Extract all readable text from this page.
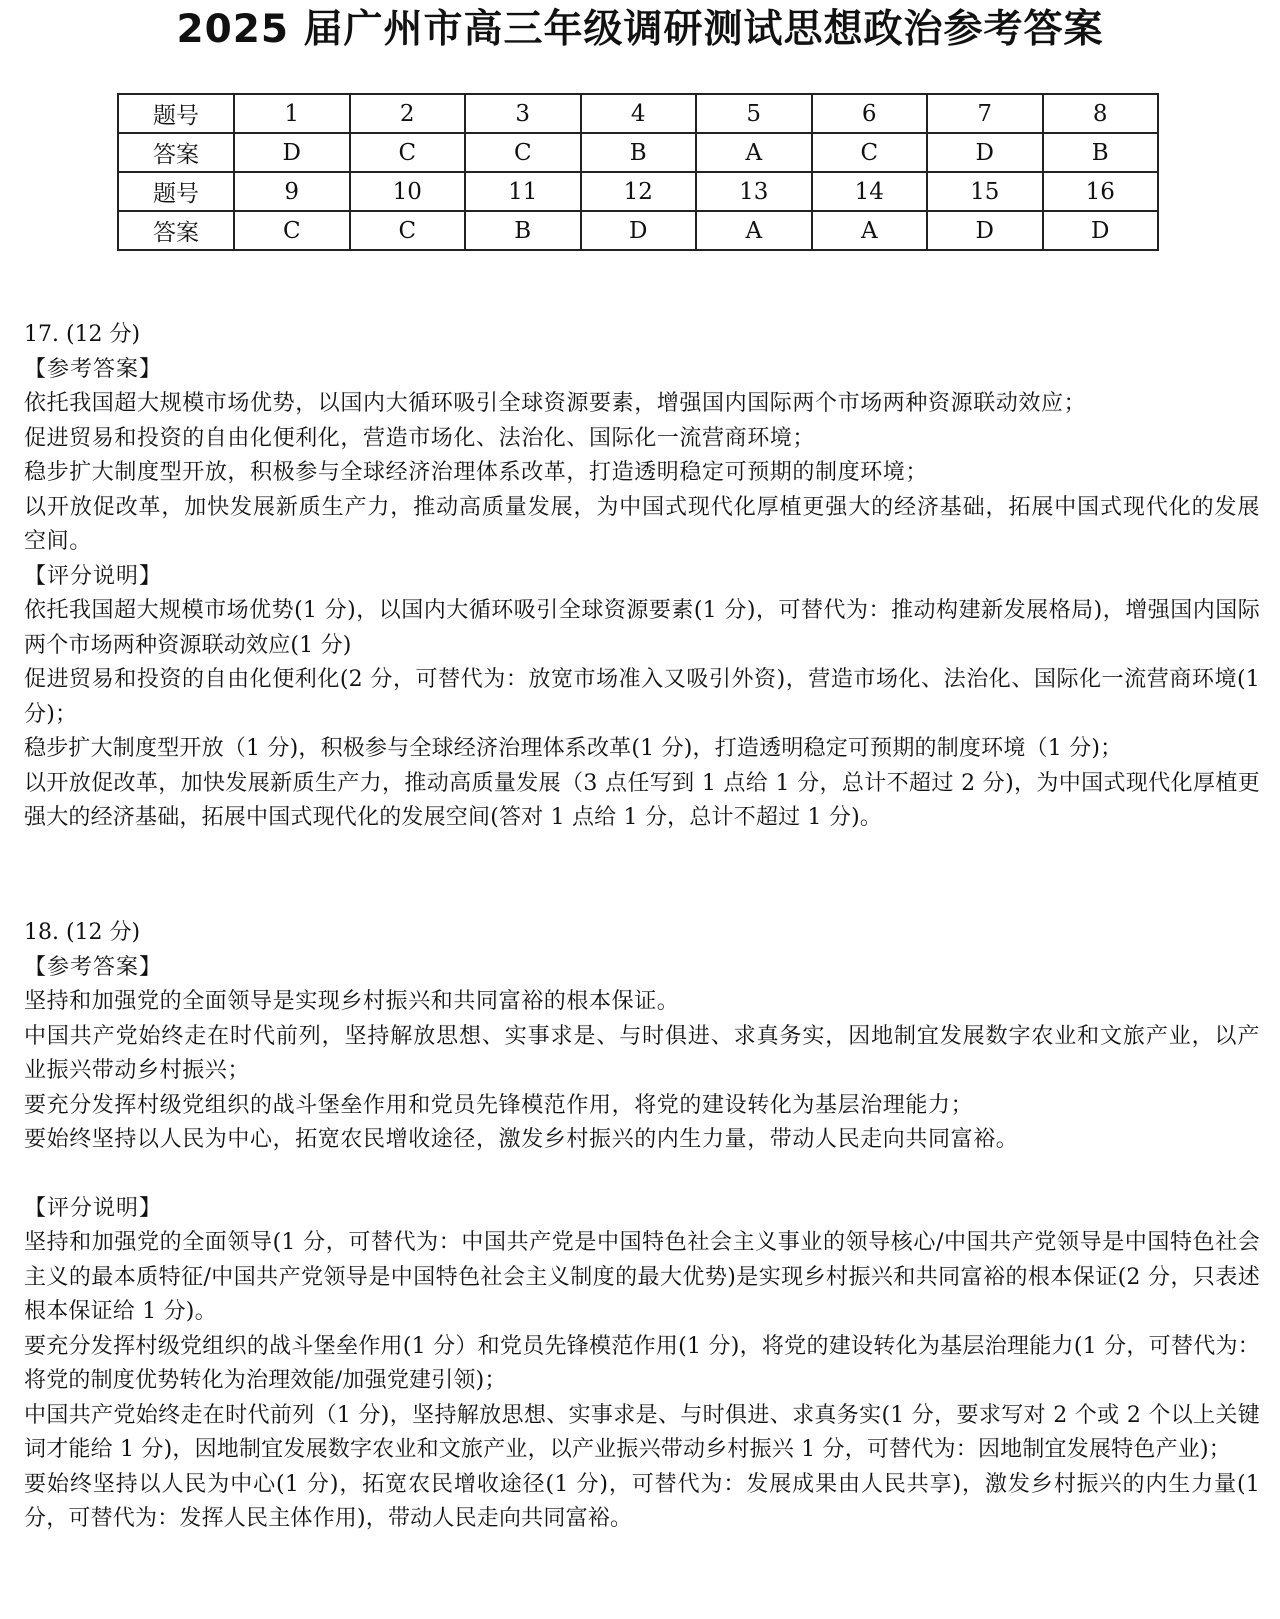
2025 届广州市高三年级调研测试思想政治参考答案
题号	1	2	3	4	5	6	7	8
答案	D	C	C	B	A	C	D	B
题号	9	10	11	12	13	14	15	16
答案	C	C	B	D	A	A	D	D

17. (12 分)

【参考答案】

依托我国超大规模市场优势，以国内大循环吸引全球资源要素，增强国内国际两个市场两种资源联动效应；

促进贸易和投资的自由化便利化，营造市场化、法治化、国际化一流营商环境；

稳步扩大制度型开放，积极参与全球经济治理体系改革，打造透明稳定可预期的制度环境；

以开放促改革，加快发展新质生产力，推动高质量发展，为中国式现代化厚植更强大的经济基础，拓展中国式现代化的发展空间。

【评分说明】

依托我国超大规模市场优势(1 分)，以国内大循环吸引全球资源要素(1 分)，可替代为：推动构建新发展格局)，增强国内国际两个市场两种资源联动效应(1 分)

促进贸易和投资的自由化便利化(2 分，可替代为：放宽市场准入又吸引外资)，营造市场化、法治化、国际化一流营商环境(1 分)；

稳步扩大制度型开放（1 分)，积极参与全球经济治理体系改革(1 分)，打造透明稳定可预期的制度环境（1 分)；

以开放促改革，加快发展新质生产力，推动高质量发展（3 点任写到 1 点给 1 分，总计不超过 2 分)，为中国式现代化厚植更强大的经济基础，拓展中国式现代化的发展空间(答对 1 点给 1 分，总计不超过 1 分)。

18. (12 分)

【参考答案】

坚持和加强党的全面领导是实现乡村振兴和共同富裕的根本保证。

中国共产党始终走在时代前列，坚持解放思想、实事求是、与时俱进、求真务实，因地制宜发展数字农业和文旅产业，以产业振兴带动乡村振兴；

要充分发挥村级党组织的战斗堡垒作用和党员先锋模范作用，将党的建设转化为基层治理能力；

要始终坚持以人民为中心，拓宽农民增收途径，激发乡村振兴的内生力量，带动人民走向共同富裕。

【评分说明】

坚持和加强党的全面领导(1 分，可替代为：中国共产党是中国特色社会主义事业的领导核心/中国共产党领导是中国特色社会主义的最本质特征/中国共产党领导是中国特色社会主义制度的最大优势)是实现乡村振兴和共同富裕的根本保证(2 分，只表述根本保证给 1 分)。

要充分发挥村级党组织的战斗堡垒作用(1 分）和党员先锋模范作用(1 分)，将党的建设转化为基层治理能力(1 分，可替代为：将党的制度优势转化为治理效能/加强党建引领)；

中国共产党始终走在时代前列（1 分)，坚持解放思想、实事求是、与时俱进、求真务实(1 分，要求写对 2 个或 2 个以上关键词才能给 1 分)，因地制宜发展数字农业和文旅产业，以产业振兴带动乡村振兴 1 分，可替代为：因地制宜发展特色产业)；

要始终坚持以人民为中心(1 分)，拓宽农民增收途径(1 分)，可替代为：发展成果由人民共享)，激发乡村振兴的内生力量(1 分，可替代为：发挥人民主体作用)，带动人民走向共同富裕。
